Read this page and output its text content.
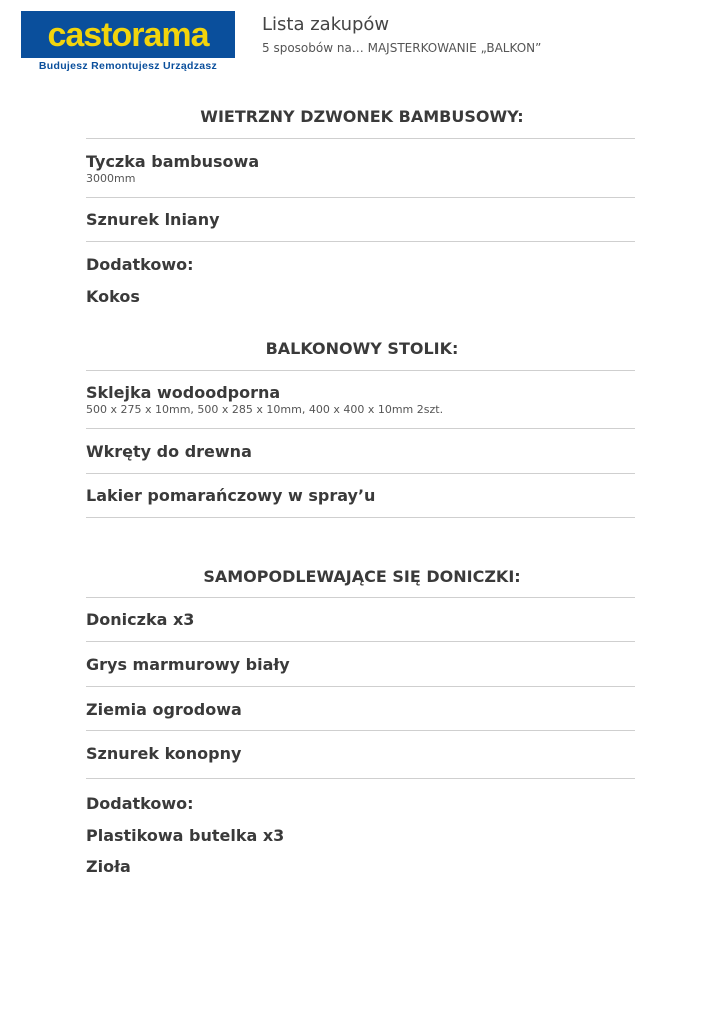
castorama
Budujesz Remontujesz Urządzasz
Lista zakupów
5 sposobów na… MAJSTERKOWANIE „BALKON”
WIETRZNY DZWONEK BAMBUSOWY:
Tyczka bambusowa
3000mm
Sznurek lniany
Dodatkowo:
Kokos
BALKONOWY STOLIK:
Sklejka wodoodporna
500 x 275 x 10mm, 500 x 285 x 10mm, 400 x 400 x 10mm 2szt.
Wkręty do drewna
Lakier pomarańczowy w spray’u
SAMOPODLEWAJĄCE SIĘ DONICZKI:
Doniczka x3
Grys marmurowy biały
Ziemia ogrodowa
Sznurek konopny
Dodatkowo:
Plastikowa butelka x3
Zioła
